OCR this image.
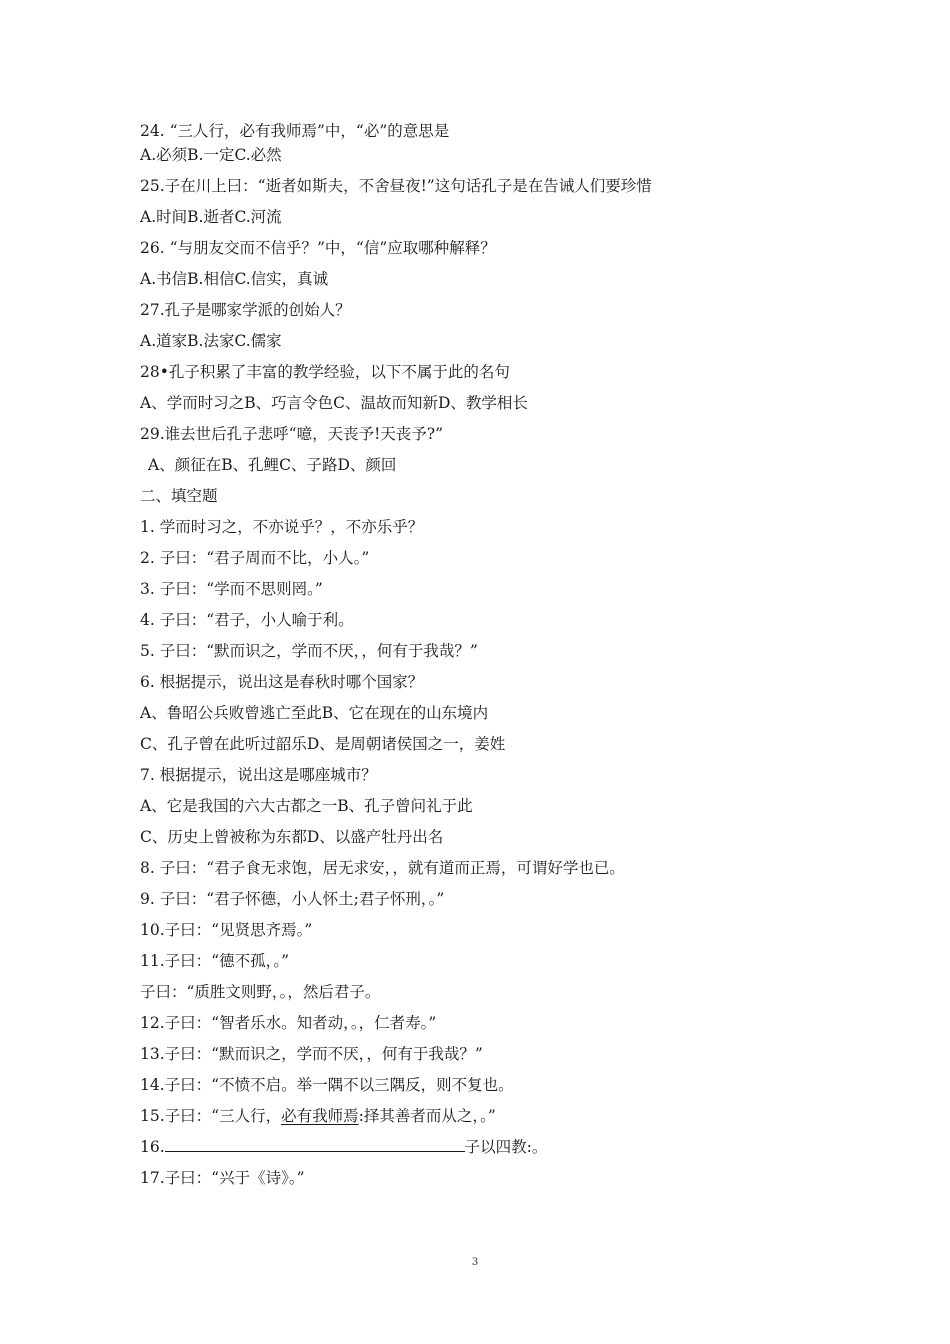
24. “三人行，必有我师焉”中，“必”的意思是
A.必须B.一定C.必然
25.子在川上曰：“逝者如斯夫，不舍昼夜!”这句话孔子是在告诫人们要珍惜
A.时间B.逝者C.河流
26. “与朋友交而不信乎？”中，“信”应取哪种解释？
A.书信B.相信C.信实，真诚
27.孔子是哪家学派的创始人？
A.道家B.法家C.儒家
28•孔子积累了丰富的教学经验，以下不属于此的名句
A、学而时习之B、巧言令色C、温故而知新D、教学相长
29.谁去世后孔子悲呼“噫，天丧予!天丧予?”
A、颜征在B、孔鲤C、子路D、颜回
二、填空题
1. 学而时习之，不亦说乎？，不亦乐乎？
2. 子曰：“君子周而不比，小人。”
3. 子曰：“学而不思则罔。”
4. 子曰：“君子，小人喻于利。
5. 子曰：“默而识之，学而不厌，，何有于我哉？”
6. 根据提示，说出这是春秋时哪个国家？
A、鲁昭公兵败曾逃亡至此B、它在现在的山东境内
C、孔子曾在此听过韶乐D、是周朝诸侯国之一，姜姓
7. 根据提示，说出这是哪座城市？
A、它是我国的六大古都之一B、孔子曾问礼于此
C、历史上曾被称为东都D、以盛产牡丹出名
8. 子曰：“君子食无求饱，居无求安，，就有道而正焉，可谓好学也已。
9. 子曰：“君子怀德，小人怀土;君子怀刑，。”
10.子曰：“见贤思齐焉。”
11.子曰：“德不孤，。”
子曰：“质胜文则野，。，然后君子。
12.子曰：“智者乐水。知者动，。，仁者寿。”
13.子曰：“默而识之，学而不厌，，何有于我哉？”
14.子曰：“不愤不启。举一隅不以三隅反，则不复也。
15.子曰：“三人行，必有我师焉:择其善者而从之，。”
16.	子以四教:。
17.子曰：“兴于《诗》。”
3
